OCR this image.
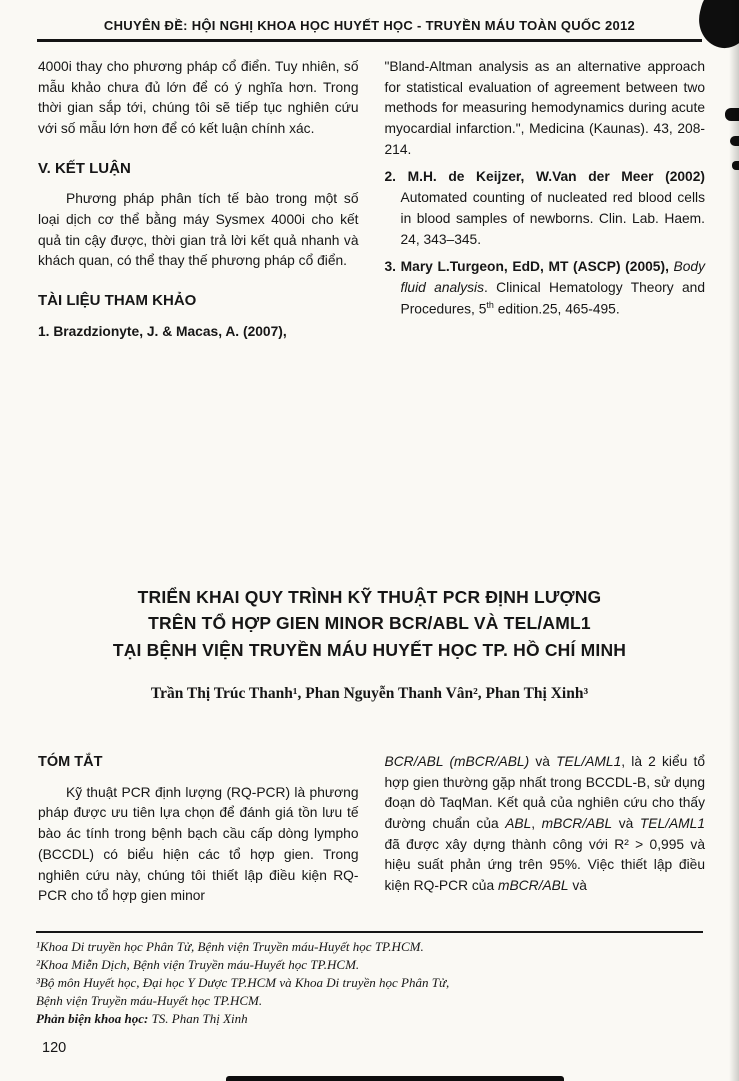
CHUYÊN ĐỀ: HỘI NGHỊ KHOA HỌC HUYẾT HỌC - TRUYỀN MÁU TOÀN QUỐC 2012

4000i thay cho phương pháp cổ điển. Tuy nhiên, số mẫu khảo chưa đủ lớn để có ý nghĩa hơn. Trong thời gian sắp tới, chúng tôi sẽ tiếp tục nghiên cứu với số mẫu lớn hơn để có kết luận chính xác.

V. KẾT LUẬN

Phương pháp phân tích tế bào trong một số loại dịch cơ thể bằng máy Sysmex 4000i cho kết quả tin cậy được, thời gian trả lời kết quả nhanh và khách quan, có thể thay thế phương pháp cổ điển.

TÀI LIỆU THAM KHẢO

1. Brazdzionyte, J. & Macas, A. (2007),

"Bland-Altman analysis as an alternative approach for statistical evaluation of agreement between two methods for measuring hemodynamics during acute myocardial infarction.", Medicina (Kaunas). 43, 208-214.

2. M.H. de Keijzer, W.Van der Meer (2002) Automated counting of nucleated red blood cells in blood samples of newborns. Clin. Lab. Haem. 24, 343–345.

3. Mary L.Turgeon, EdD, MT (ASCP) (2005), Body fluid analysis. Clinical Hematology Theory and Procedures, 5th edition.25, 465-495.

TRIỂN KHAI QUY TRÌNH KỸ THUẬT PCR ĐỊNH LƯỢNG
TRÊN TỔ HỢP GIEN MINOR BCR/ABL VÀ TEL/AML1
TẠI BỆNH VIỆN TRUYỀN MÁU HUYẾT HỌC TP. HỒ CHÍ MINH
Trần Thị Trúc Thanh¹, Phan Nguyễn Thanh Vân², Phan Thị Xinh³
TÓM TẮT

Kỹ thuật PCR định lượng (RQ-PCR) là phương pháp được ưu tiên lựa chọn để đánh giá tồn lưu tế bào ác tính trong bệnh bạch cầu cấp dòng lympho (BCCDL) có biểu hiện các tổ hợp gien. Trong nghiên cứu này, chúng tôi thiết lập điều kiện RQ-PCR cho tổ hợp gien minor

BCR/ABL (mBCR/ABL) và TEL/AML1, là 2 kiểu tổ hợp gien thường gặp nhất trong BCCDL-B, sử dụng đoạn dò TaqMan. Kết quả của nghiên cứu cho thấy đường chuẩn của ABL, mBCR/ABL và TEL/AML1 đã được xây dựng thành công với R² > 0,995 và hiệu suất phản ứng trên 95%. Việc thiết lập điều kiện RQ-PCR của mBCR/ABL và

¹Khoa Di truyền học Phân Tử, Bệnh viện Truyền máu-Huyết học TP.HCM.
²Khoa Miễn Dịch, Bệnh viện Truyền máu-Huyết học TP.HCM.
³Bộ môn Huyết học, Đại học Y Dược TP.HCM và Khoa Di truyền học Phân Tử,
Bệnh viện Truyền máu-Huyết học TP.HCM.
Phản biện khoa học: TS. Phan Thị Xinh
120
